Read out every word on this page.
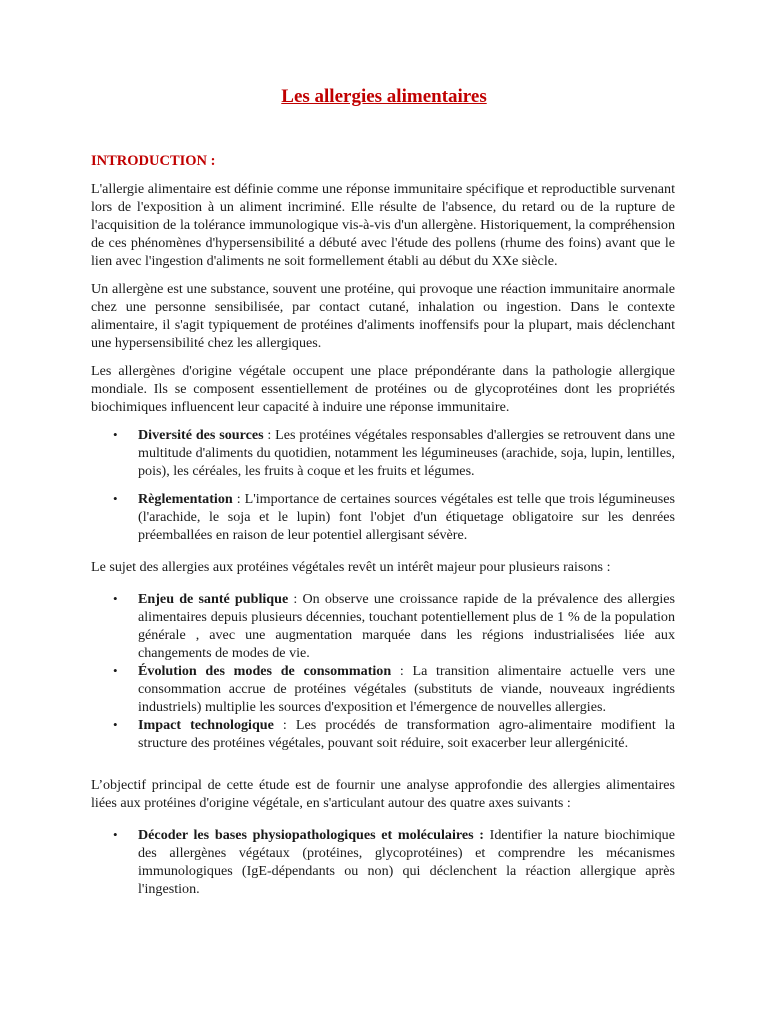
Les allergies alimentaires
INTRODUCTION :

L'allergie alimentaire est définie comme une réponse immunitaire spécifique et reproductible survenant lors de l'exposition à un aliment incriminé. Elle résulte de l'absence, du retard ou de la rupture de l'acquisition de la tolérance immunologique vis-à-vis d'un allergène. Historiquement, la compréhension de ces phénomènes d'hypersensibilité a débuté avec l'étude des pollens (rhume des foins) avant que le lien avec l'ingestion d'aliments ne soit formellement établi au début du XXe siècle.

Un allergène est une substance, souvent une protéine, qui provoque une réaction immunitaire anormale chez une personne sensibilisée, par contact cutané, inhalation ou ingestion. Dans le contexte alimentaire, il s'agit typiquement de protéines d'aliments inoffensifs pour la plupart, mais déclenchant une hypersensibilité chez les allergiques.

Les allergènes d'origine végétale occupent une place prépondérante dans la pathologie allergique mondiale. Ils se composent essentiellement de protéines ou de glycoprotéines dont les propriétés biochimiques influencent leur capacité à induire une réponse immunitaire.

• Diversité des sources : Les protéines végétales responsables d'allergies se retrouvent dans une multitude d'aliments du quotidien, notamment les légumineuses (arachide, soja, lupin, lentilles, pois), les céréales, les fruits à coque et les fruits et légumes.
• Règlementation : L'importance de certaines sources végétales est telle que trois légumineuses (l'arachide, le soja et le lupin) font l'objet d'un étiquetage obligatoire sur les denrées préemballées en raison de leur potentiel allergisant sévère.

Le sujet des allergies aux protéines végétales revêt un intérêt majeur pour plusieurs raisons :

• Enjeu de santé publique : On observe une croissance rapide de la prévalence des allergies alimentaires depuis plusieurs décennies, touchant potentiellement plus de 1 % de la population générale , avec une augmentation marquée dans les régions industrialisées liée aux changements de modes de vie.
• Évolution des modes de consommation : La transition alimentaire actuelle vers une consommation accrue de protéines végétales (substituts de viande, nouveaux ingrédients industriels) multiplie les sources d'exposition et l'émergence de nouvelles allergies.
• Impact technologique : Les procédés de transformation agro-alimentaire modifient la structure des protéines végétales, pouvant soit réduire, soit exacerber leur allergénicité.

L’objectif principal de cette étude est de fournir une analyse approfondie des allergies alimentaires liées aux protéines d'origine végétale, en s'articulant autour des quatre axes suivants :

• Décoder les bases physiopathologiques et moléculaires : Identifier la nature biochimique des allergènes végétaux (protéines, glycoprotéines) et comprendre les mécanismes immunologiques (IgE-dépendants ou non) qui déclenchent la réaction allergique après l'ingestion.
